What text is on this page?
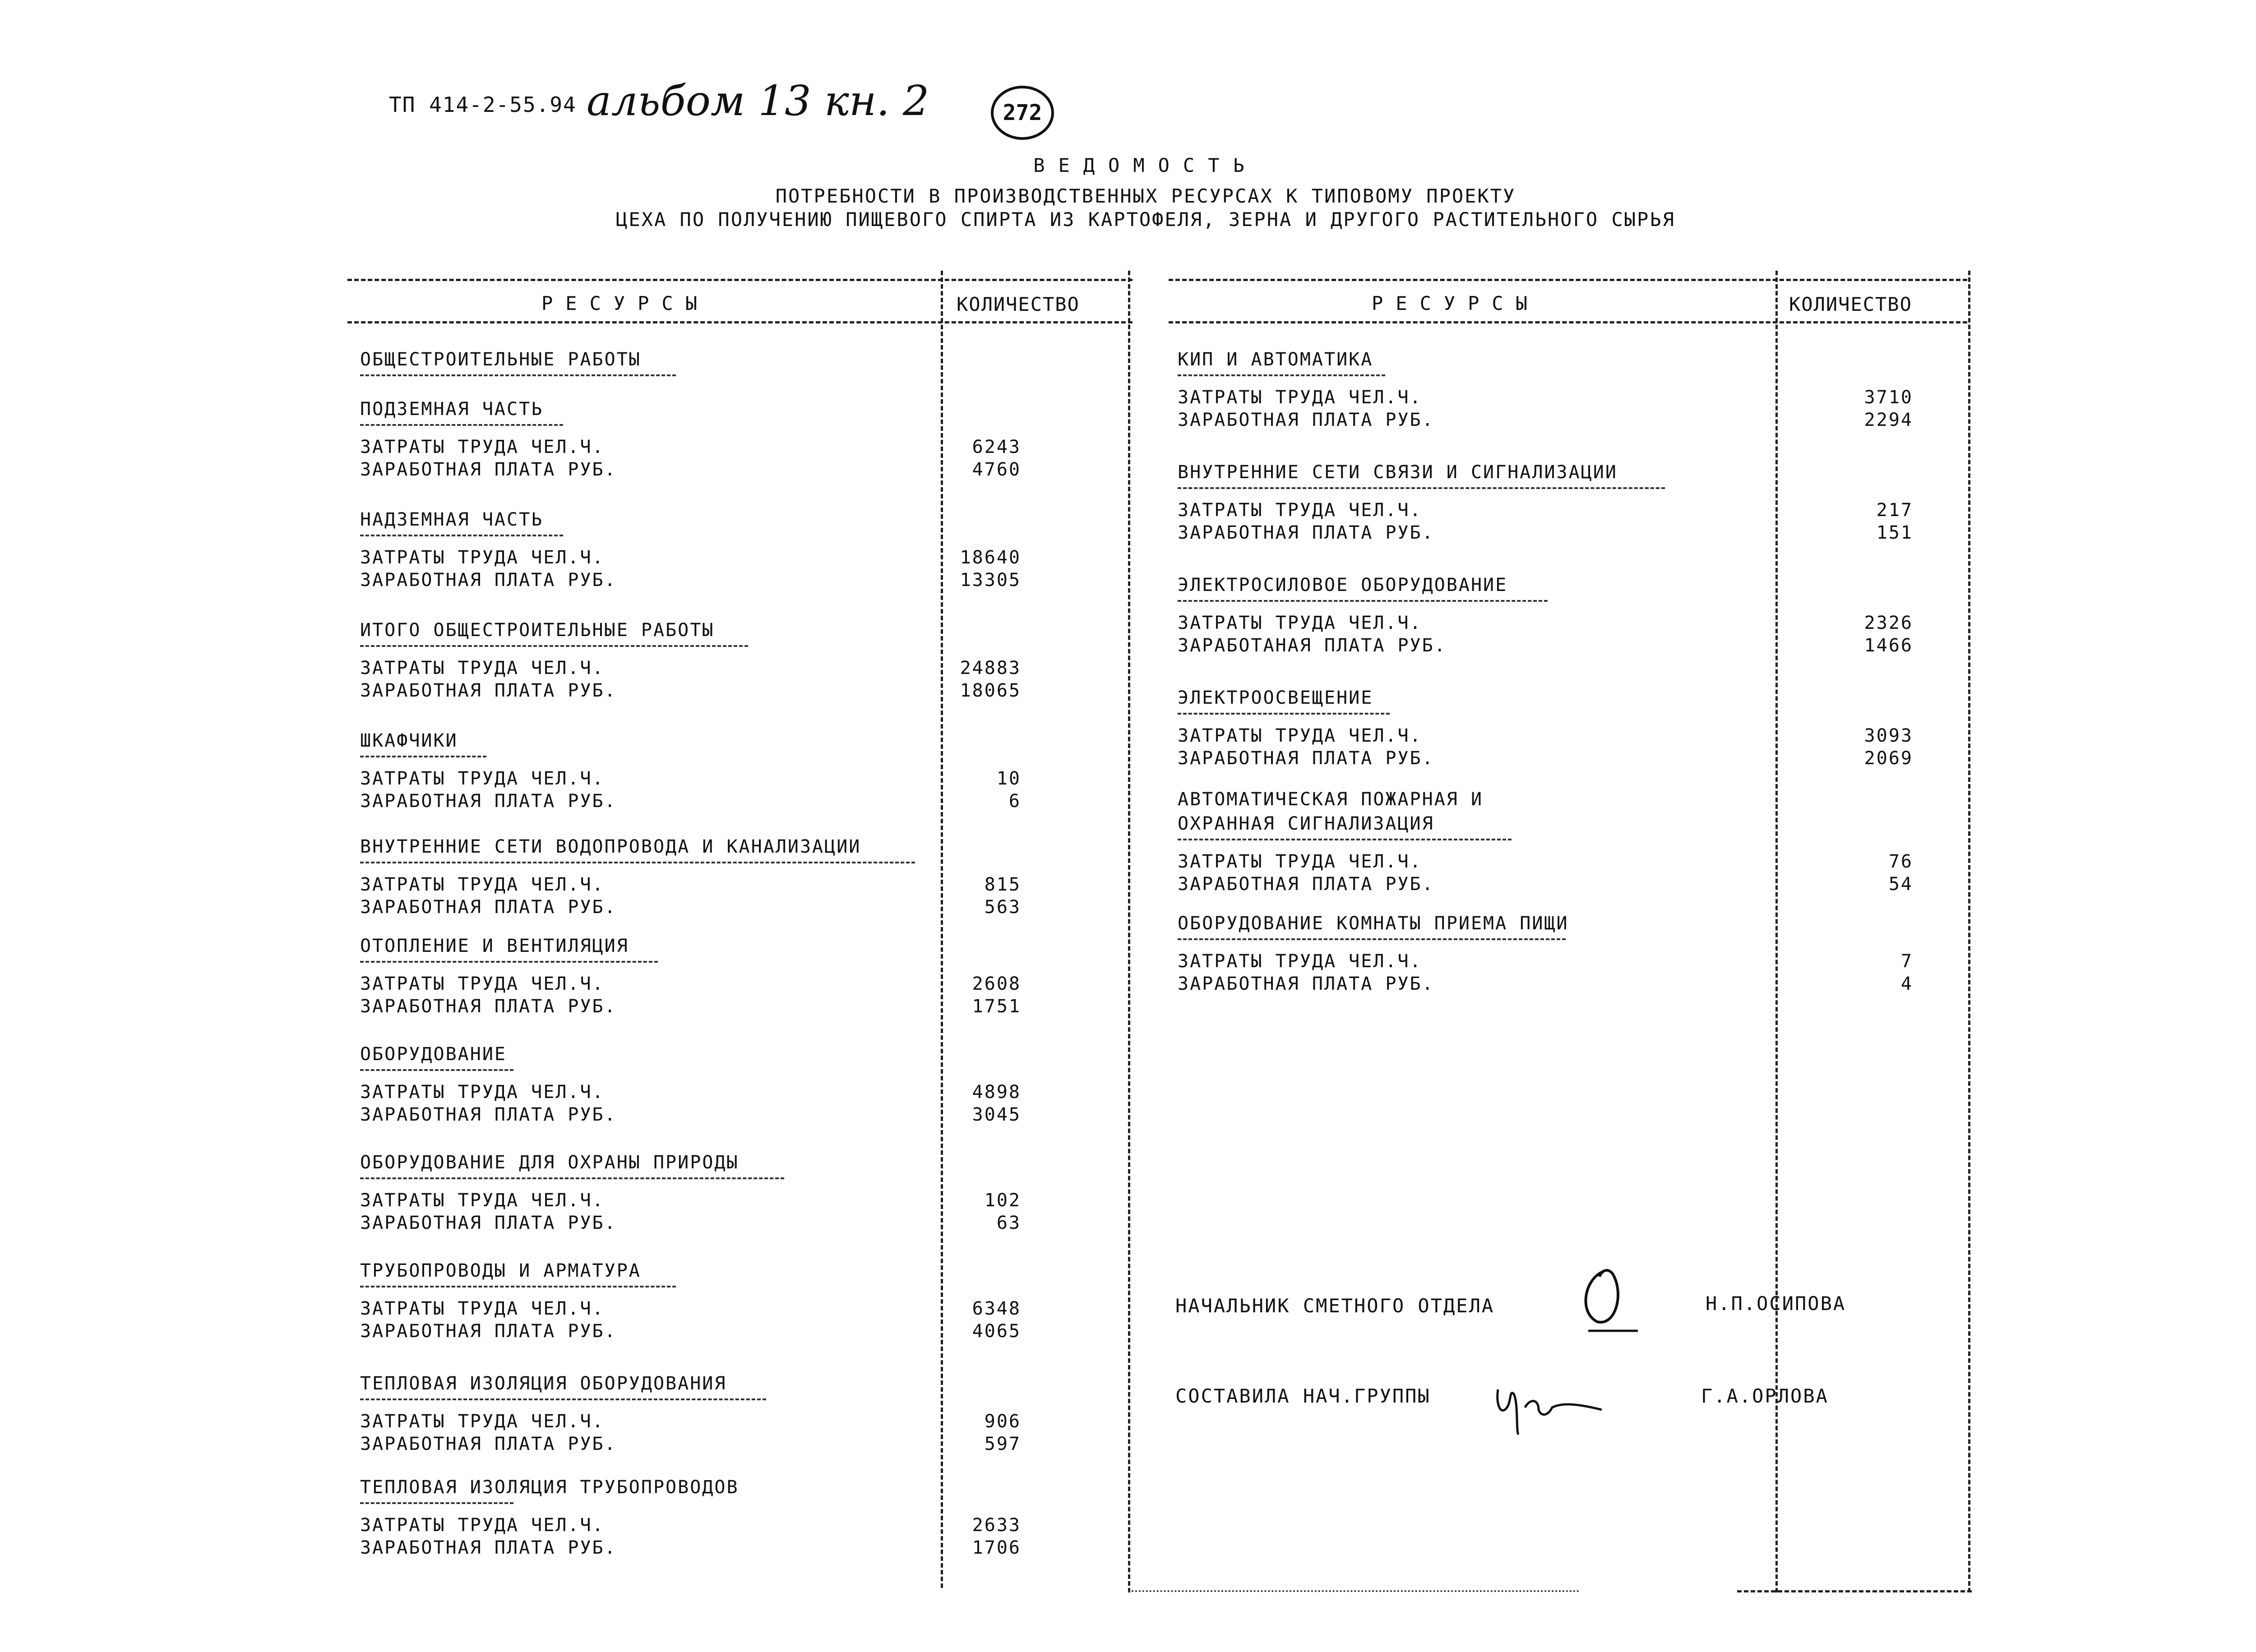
ТП 414-2-55.94 альбом 13 кн. 2	272
ВЕДОМОСТЬ
ПОТРЕБНОСТИ В ПРОИЗВОДСТВЕННЫХ РЕСУРСАХ К ТИПОВОМУ ПРОЕКТУ
ЦЕХА ПО ПОЛУЧЕНИЮ ПИЩЕВОГО СПИРТА ИЗ КАРТОФЕЛЯ, ЗЕРНА И ДРУГОГО РАСТИТЕЛЬНОГО СЫРЬЯ
РЕСУРСЫ	КОЛИЧЕСТВО	РЕСУРСЫ	КОЛИЧЕСТВО
ОБЩЕСТРОИТЕЛЬНЫЕ РАБОТЫ
ПОДЗЕМНАЯ ЧАСТЬ
ЗАТРАТЫ ТРУДА ЧЕЛ.Ч.	6243
ЗАРАБОТНАЯ ПЛАТА РУБ.	4760
НАДЗЕМНАЯ ЧАСТЬ
ЗАТРАТЫ ТРУДА ЧЕЛ.Ч.	18640
ЗАРАБОТНАЯ ПЛАТА РУБ.	13305
ИТОГО ОБЩЕСТРОИТЕЛЬНЫЕ РАБОТЫ
ЗАТРАТЫ ТРУДА ЧЕЛ.Ч.	24883
ЗАРАБОТНАЯ ПЛАТА РУБ.	18065
ШКАФЧИКИ
ЗАТРАТЫ ТРУДА ЧЕЛ.Ч.	10
ЗАРАБОТНАЯ ПЛАТА РУБ.	6
ВНУТРЕННИЕ СЕТИ ВОДОПРОВОДА И КАНАЛИЗАЦИИ
ЗАТРАТЫ ТРУДА ЧЕЛ.Ч.	815
ЗАРАБОТНАЯ ПЛАТА РУБ.	563
ОТОПЛЕНИЕ И ВЕНТИЛЯЦИЯ
ЗАТРАТЫ ТРУДА ЧЕЛ.Ч.	2608
ЗАРАБОТНАЯ ПЛАТА РУБ.	1751
ОБОРУДОВАНИЕ
ЗАТРАТЫ ТРУДА ЧЕЛ.Ч.	4898
ЗАРАБОТНАЯ ПЛАТА РУБ.	3045
ОБОРУДОВАНИЕ ДЛЯ ОХРАНЫ ПРИРОДЫ
ЗАТРАТЫ ТРУДА ЧЕЛ.Ч.	102
ЗАРАБОТНАЯ ПЛАТА РУБ.	63
ТРУБОПРОВОДЫ И АРМАТУРА
ЗАТРАТЫ ТРУДА ЧЕЛ.Ч.	6348
ЗАРАБОТНАЯ ПЛАТА РУБ.	4065
ТЕПЛОВАЯ ИЗОЛЯЦИЯ ОБОРУДОВАНИЯ
ЗАТРАТЫ ТРУДА ЧЕЛ.Ч.	906
ЗАРАБОТНАЯ ПЛАТА РУБ.	597
ТЕПЛОВАЯ ИЗОЛЯЦИЯ ТРУБОПРОВОДОВ
ЗАТРАТЫ ТРУДА ЧЕЛ.Ч.	2633
ЗАРАБОТНАЯ ПЛАТА РУБ.	1706
КИП И АВТОМАТИКА
ЗАТРАТЫ ТРУДА ЧЕЛ.Ч.	3710
ЗАРАБОТНАЯ ПЛАТА РУБ.	2294
ВНУТРЕННИЕ СЕТИ СВЯЗИ И СИГНАЛИЗАЦИИ
ЗАТРАТЫ ТРУДА ЧЕЛ.Ч.	217
ЗАРАБОТНАЯ ПЛАТА РУБ.	151
ЭЛЕКТРОСИЛОВОЕ ОБОРУДОВАНИЕ
ЗАТРАТЫ ТРУДА ЧЕЛ.Ч.	2326
ЗАРАБОТАНАЯ ПЛАТА РУБ.	1466
ЭЛЕКТРООСВЕЩЕНИЕ
ЗАТРАТЫ ТРУДА ЧЕЛ.Ч.	3093
ЗАРАБОТНАЯ ПЛАТА РУБ.	2069
АВТОМАТИЧЕСКАЯ ПОЖАРНАЯ И
ОХРАННАЯ СИГНАЛИЗАЦИЯ
ЗАТРАТЫ ТРУДА ЧЕЛ.Ч.	76
ЗАРАБОТНАЯ ПЛАТА РУБ.	54
ОБОРУДОВАНИЕ КОМНАТЫ ПРИЕМА ПИЩИ
ЗАТРАТЫ ТРУДА ЧЕЛ.Ч.	7
ЗАРАБОТНАЯ ПЛАТА РУБ.	4
НАЧАЛЬНИК СМЕТНОГО ОТДЕЛА	Н.П.ОСИПОВА
СОСТАВИЛА НАЧ.ГРУППЫ	Г.А.ОРЛОВА
